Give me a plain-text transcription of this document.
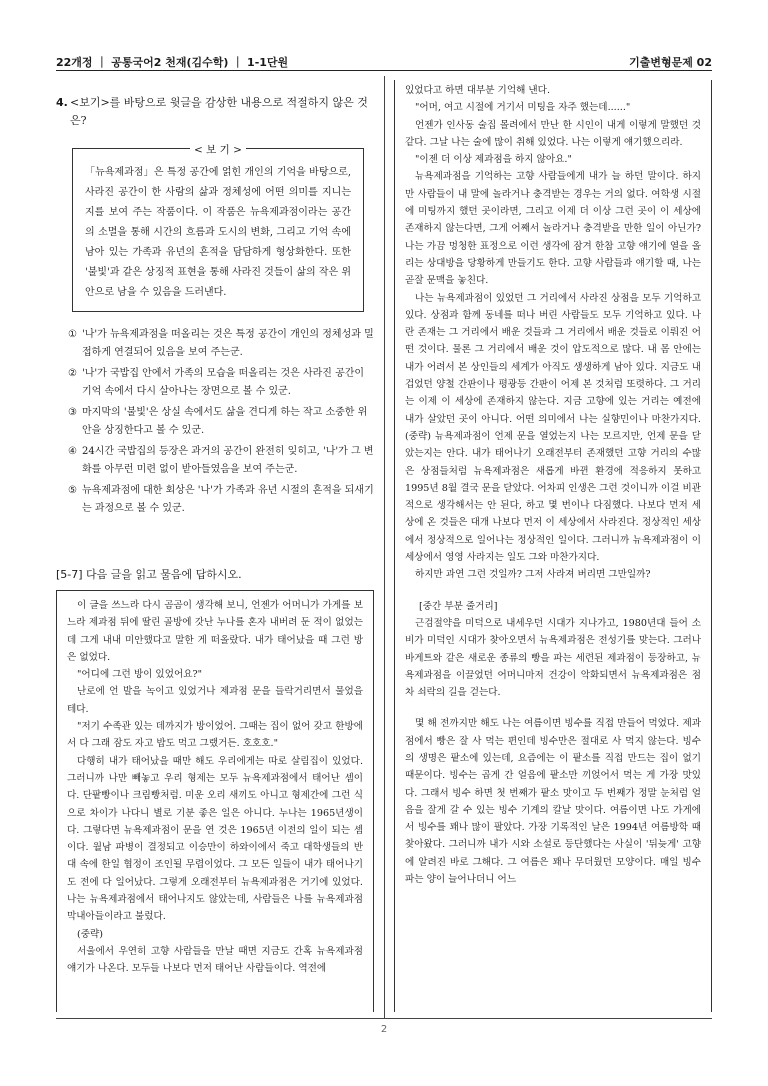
22개정 ｜ 공통국어2 천재(김수학) ｜ 1-1단원	기출변형문제 02
4. <보기>를 바탕으로 윗글을 감상한 내용으로 적절하지 않은 것은?
< 보 기 >
「뉴욕제과점」은 특정 공간에 얽힌 개인의 기억을 바탕으로, 사라진 공간이 한 사람의 삶과 정체성에 어떤 의미를 지니는지를 보여 주는 작품이다. 이 작품은 뉴욕제과점이라는 공간의 소멸을 통해 시간의 흐름과 도시의 변화, 그리고 기억 속에 남아 있는 가족과 유년의 흔적을 담담하게 형상화한다. 또한 '불빛'과 같은 상징적 표현을 통해 사라진 것들이 삶의 작은 위안으로 남을 수 있음을 드러낸다.
① '나'가 뉴욕제과점을 떠올리는 것은 특정 공간이 개인의 정체성과 밀접하게 연결되어 있음을 보여 주는군.
② '나'가 국밥집 안에서 가족의 모습을 떠올리는 것은 사라진 공간이 기억 속에서 다시 살아나는 장면으로 볼 수 있군.
③ 마지막의 '불빛'은 상실 속에서도 삶을 견디게 하는 작고 소중한 위안을 상징한다고 볼 수 있군.
④ 24시간 국밥집의 등장은 과거의 공간이 완전히 잊히고, '나'가 그 변화를 아무런 미련 없이 받아들였음을 보여 주는군.
⑤ 뉴욕제과점에 대한 회상은 '나'가 가족과 유년 시절의 흔적을 되새기는 과정으로 볼 수 있군.
[5-7] 다음 글을 읽고 물음에 답하시오.

이 글을 쓰느라 다시 곰곰이 생각해 보니, 언젠가 어머니가 가게를 보느라 제과점 뒤에 딸린 골방에 갓난 누나를 혼자 내버려 둔 적이 없었는데 그게 내내 미안했다고 말한 게 떠올랐다. 내가 태어났을 때 그런 방은 없었다.

"어디에 그런 방이 있었어요?"

난로에 언 발을 녹이고 있었거나 제과점 문을 들락거리면서 물었을 테다.

"저기 수족관 있는 데까지가 방이었어. 그때는 집이 없어 갖고 한방에서 다 그래 잠도 자고 밥도 먹고 그랬거든. 호호호."

다행히 내가 태어났을 때만 해도 우리에게는 따로 살림집이 있었다. 그러니까 나만 빼놓고 우리 형제는 모두 뉴욕제과점에서 태어난 셈이다. 단팥빵이나 크림빵처럼. 미운 오리 새끼도 아니고 형제간에 그런 식으로 차이가 나다니 별로 기분 좋은 일은 아니다. 누나는 1965년생이다. 그렇다면 뉴욕제과점이 문을 연 것은 1965년 이전의 일이 되는 셈이다. 월남 파병이 결정되고 이승만이 하와이에서 죽고 대학생들의 반대 속에 한일 협정이 조인될 무렵이었다. 그 모든 일들이 내가 태어나기도 전에 다 일어났다. 그렇게 오래전부터 뉴욕제과점은 거기에 있었다. 나는 뉴욕제과점에서 태어나지도 않았는데, 사람들은 나를 뉴욕제과점 막내아들이라고 불렀다.

(중략)

서울에서 우연히 고향 사람들을 만날 때면 지금도 간혹 뉴욕제과점 얘기가 나온다. 모두들 나보다 먼저 태어난 사람들이다. 역전에

있었다고 하면 대부분 기억해 낸다.

"어머, 여고 시절에 거기서 미팅을 자주 했는데......"

언젠가 인사동 술집 몰려에서 만난 한 시인이 내게 이렇게 말했던 것 같다. 그날 나는 술에 많이 취해 있었다. 나는 이렇게 얘기했으리라.

"이젠 더 이상 제과점을 하지 않아요."

뉴욕제과점을 기억하는 고향 사람들에게 내가 늘 하던 말이다. 하지만 사람들이 내 말에 놀라거나 충격받는 경우는 거의 없다. 여학생 시절에 미팅까지 했던 곳이라면, 그리고 이제 더 이상 그런 곳이 이 세상에 존재하지 않는다면, 그게 어째서 놀라거나 충격받을 만한 일이 아닌가? 나는 가끔 멍청한 표정으로 이런 생각에 잠겨 한참 고향 얘기에 열을 올리는 상대방을 당황하게 만들기도 한다. 고향 사람들과 얘기할 때, 나는 곧잘 문맥을 놓친다.

나는 뉴욕제과점이 있었던 그 거리에서 사라진 상점을 모두 기억하고 있다. 상점과 함께 동네를 떠나 버린 사람들도 모두 기억하고 있다. 나란 존재는 그 거리에서 배운 것들과 그 거리에서 배운 것들로 이뤄진 어떤 것이다. 물론 그 거리에서 배운 것이 압도적으로 많다. 내 몸 안에는 내가 어려서 본 상인들의 세계가 아직도 생생하게 남아 있다. 지금도 내겁었던 양철 간판이나 평광등 간판이 어제 본 것처럼 또렷하다. 그 거리는 이제 이 세상에 존재하지 않는다. 지금 고향에 있는 거리는 예전에 내가 살았던 곳이 아니다. 어떤 의미에서 나는 실향민이나 마찬가지다. (중략) 뉴욕제과점이 언제 문을 열었는지 나는 모르지만, 언제 문을 닫았는지는 안다. 내가 태어나기 오래전부터 존재했던 고향 거리의 수많은 상점들처럼 뉴욕제과점은 새롭게 바뀐 환경에 적응하지 못하고 1995년 8월 결국 문을 닫았다. 어차피 인생은 그런 것이니까 이걸 비관적으로 생각해서는 안 된다, 하고 몇 번이나 다짐했다. 나보다 먼저 세상에 온 것들은 대개 나보다 먼저 이 세상에서 사라진다. 정상적인 세상에서 정상적으로 일어나는 정상적인 일이다. 그러니까 뉴욕제과점이 이 세상에서 영영 사라지는 일도 그와 마찬가지다.

하지만 과연 그런 것일까? 그저 사라져 버리면 그만일까?

[중간 부분 줄거리]

근검절약을 미덕으로 내세우던 시대가 지나가고, 1980년대 들어 소비가 미덕인 시대가 찾아오면서 뉴욕제과점은 전성기를 맞는다. 그러나 바게트와 같은 새로운 종류의 빵을 파는 세련된 제과점이 등장하고, 뉴욕제과점을 이끌었던 어머니마저 건강이 악화되면서 뉴욕제과점은 점차 쇠락의 길을 걷는다.

몇 해 전까지만 해도 나는 여름이면 빙수를 직접 만들어 먹었다. 제과점에서 빵은 잘 사 먹는 편인데 빙수만은 절대로 사 먹지 않는다. 빙수의 생명은 팥소에 있는데, 요즘에는 이 팥소를 직접 만드는 집이 없기 때문이다. 빙수는 곱게 간 얼음에 팥소만 끼얹어서 먹는 게 가장 맛있다. 그래서 빙수 하면 첫 번째가 팥소 맛이고 두 번째가 정말 눈처럼 얼음을 잘게 갈 수 있는 빙수 기계의 칼날 맛이다. 여름이면 나도 가게에서 빙수를 꽤나 많이 팔았다. 가장 기록적인 날은 1994년 여름방학 때 찾아왔다. 그러니까 내가 시와 소설로 등단했다는 사실이 '뒤늦게' 고향에 알려진 바로 그해다. 그 여름은 꽤나 무더웠던 모양이다. 매일 빙수 파는 양이 늘어나더니 어느

2
